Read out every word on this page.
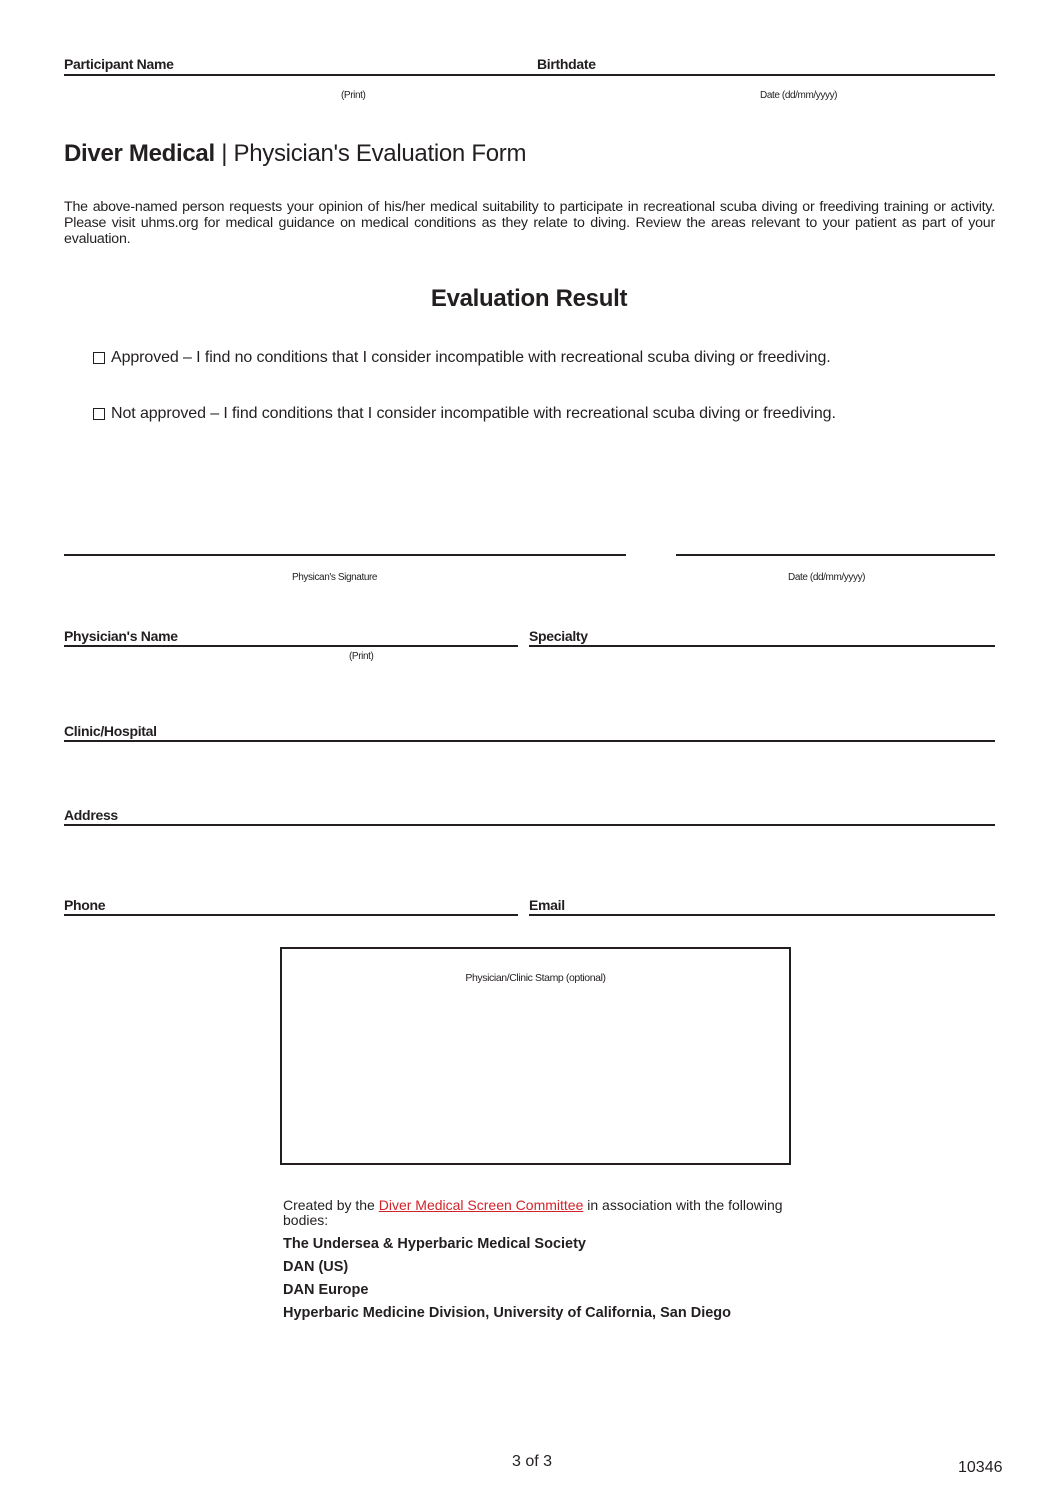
Participant Name	Birthdate
(Print)	Date (dd/mm/yyyy)
Diver Medical | Physician's Evaluation Form
The above-named person requests your opinion of his/her medical suitability to participate in recreational scuba diving or freediving training or activity. Please visit uhms.org for medical guidance on medical conditions as they relate to diving. Review the areas relevant to your patient as part of your evaluation.
Evaluation Result
Approved – I find no conditions that I consider incompatible with recreational scuba diving or freediving.
Not approved – I find conditions that I consider incompatible with recreational scuba diving or freediving.
Physican's Signature	Date (dd/mm/yyyy)
Physician's Name	Specialty
(Print)
Clinic/Hospital
Address
Phone	Email
Physician/Clinic Stamp (optional)
Created by the Diver Medical Screen Committee in association with the following bodies:
The Undersea & Hyperbaric Medical Society
DAN (US)
DAN Europe
Hyperbaric Medicine Division, University of California, San Diego
3 of 3	10346
